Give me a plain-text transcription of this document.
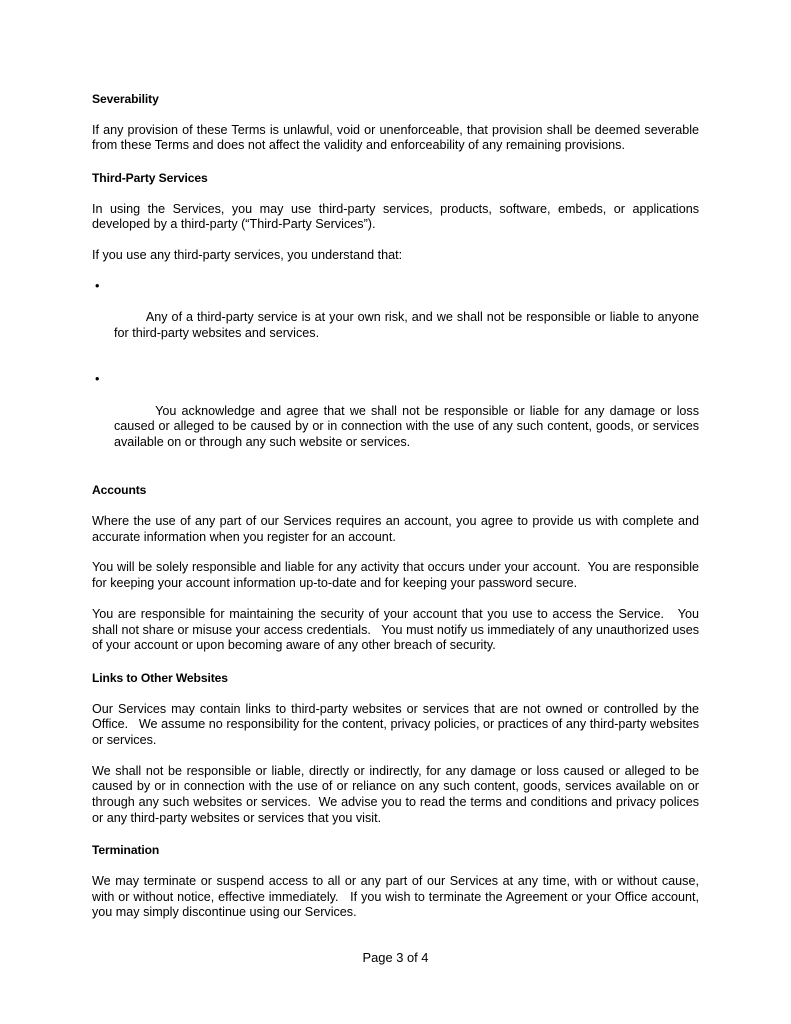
Severability

If any provision of these Terms is unlawful, void or unenforceable, that provision shall be deemed severable from these Terms and does not affect the validity and enforceability of any remaining provisions.

Third-Party Services

In using the Services, you may use third-party services, products, software, embeds, or applications developed by a third-party (“Third-Party Services”).

If you use any third-party services, you understand that:

•

Any of a third-party service is at your own risk, and we shall not be responsible or liable to anyone for third-party websites and services.

•

You acknowledge and agree that we shall not be responsible or liable for any damage or loss caused or alleged to be caused by or in connection with the use of any such content, goods, or services available on or through any such website or services.

Accounts

Where the use of any part of our Services requires an account, you agree to provide us with complete and accurate information when you register for an account.

You will be solely responsible and liable for any activity that occurs under your account.  You are responsible for keeping your account information up-to-date and for keeping your password secure.

You are responsible for maintaining the security of your account that you use to access the Service.   You shall not share or misuse your access credentials.   You must notify us immediately of any unauthorized uses of your account or upon becoming aware of any other breach of security.

Links to Other Websites

Our Services may contain links to third-party websites or services that are not owned or controlled by the Office.   We assume no responsibility for the content, privacy policies, or practices of any third-party websites or services.

We shall not be responsible or liable, directly or indirectly, for any damage or loss caused or alleged to be caused by or in connection with the use of or reliance on any such content, goods, services available on or through any such websites or services.  We advise you to read the terms and conditions and privacy polices or any third-party websites or services that you visit.

Termination

We may terminate or suspend access to all or any part of our Services at any time, with or without cause, with or without notice, effective immediately.   If you wish to terminate the Agreement or your Office account, you may simply discontinue using our Services.

Page 3 of 4
